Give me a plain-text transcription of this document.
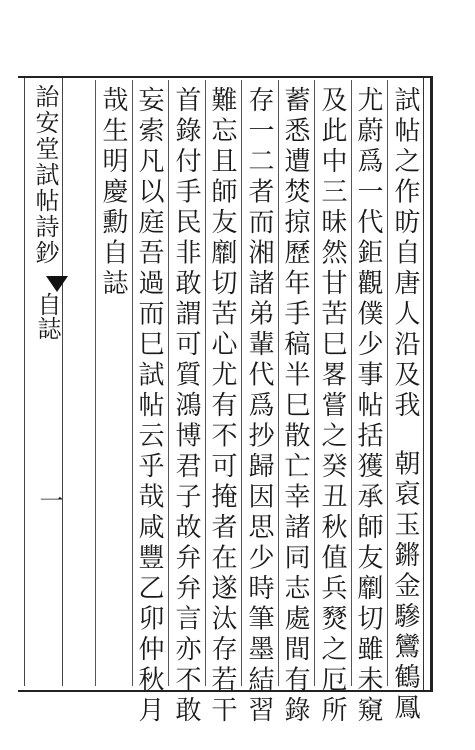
詒安堂試帖詩鈔
自誌
一
試帖之作昉自唐人沿及我朝裒玉鏘金驂鸞鶴鳳
尤蔚爲一代鉅觀僕少事帖括獲承師友劘切雖未窺
及此中三昧然甘苦巳畧嘗之癸丑秋值兵燹之厄所
蓄悉遭焚掠歷年手稿半巳散亡幸諸同志處間有錄
存一二者而湘諸弟輩代爲抄歸因思少時筆墨結習
難忘且師友劘切苦心尤有不可掩者在遂汰存若干
首錄付手民非敢謂可質鴻博君子故弁弁言亦不敢
妄索凡以庭吾過而巳試帖云乎哉咸豐乙卯仲秋月
哉生明慶勳自誌
